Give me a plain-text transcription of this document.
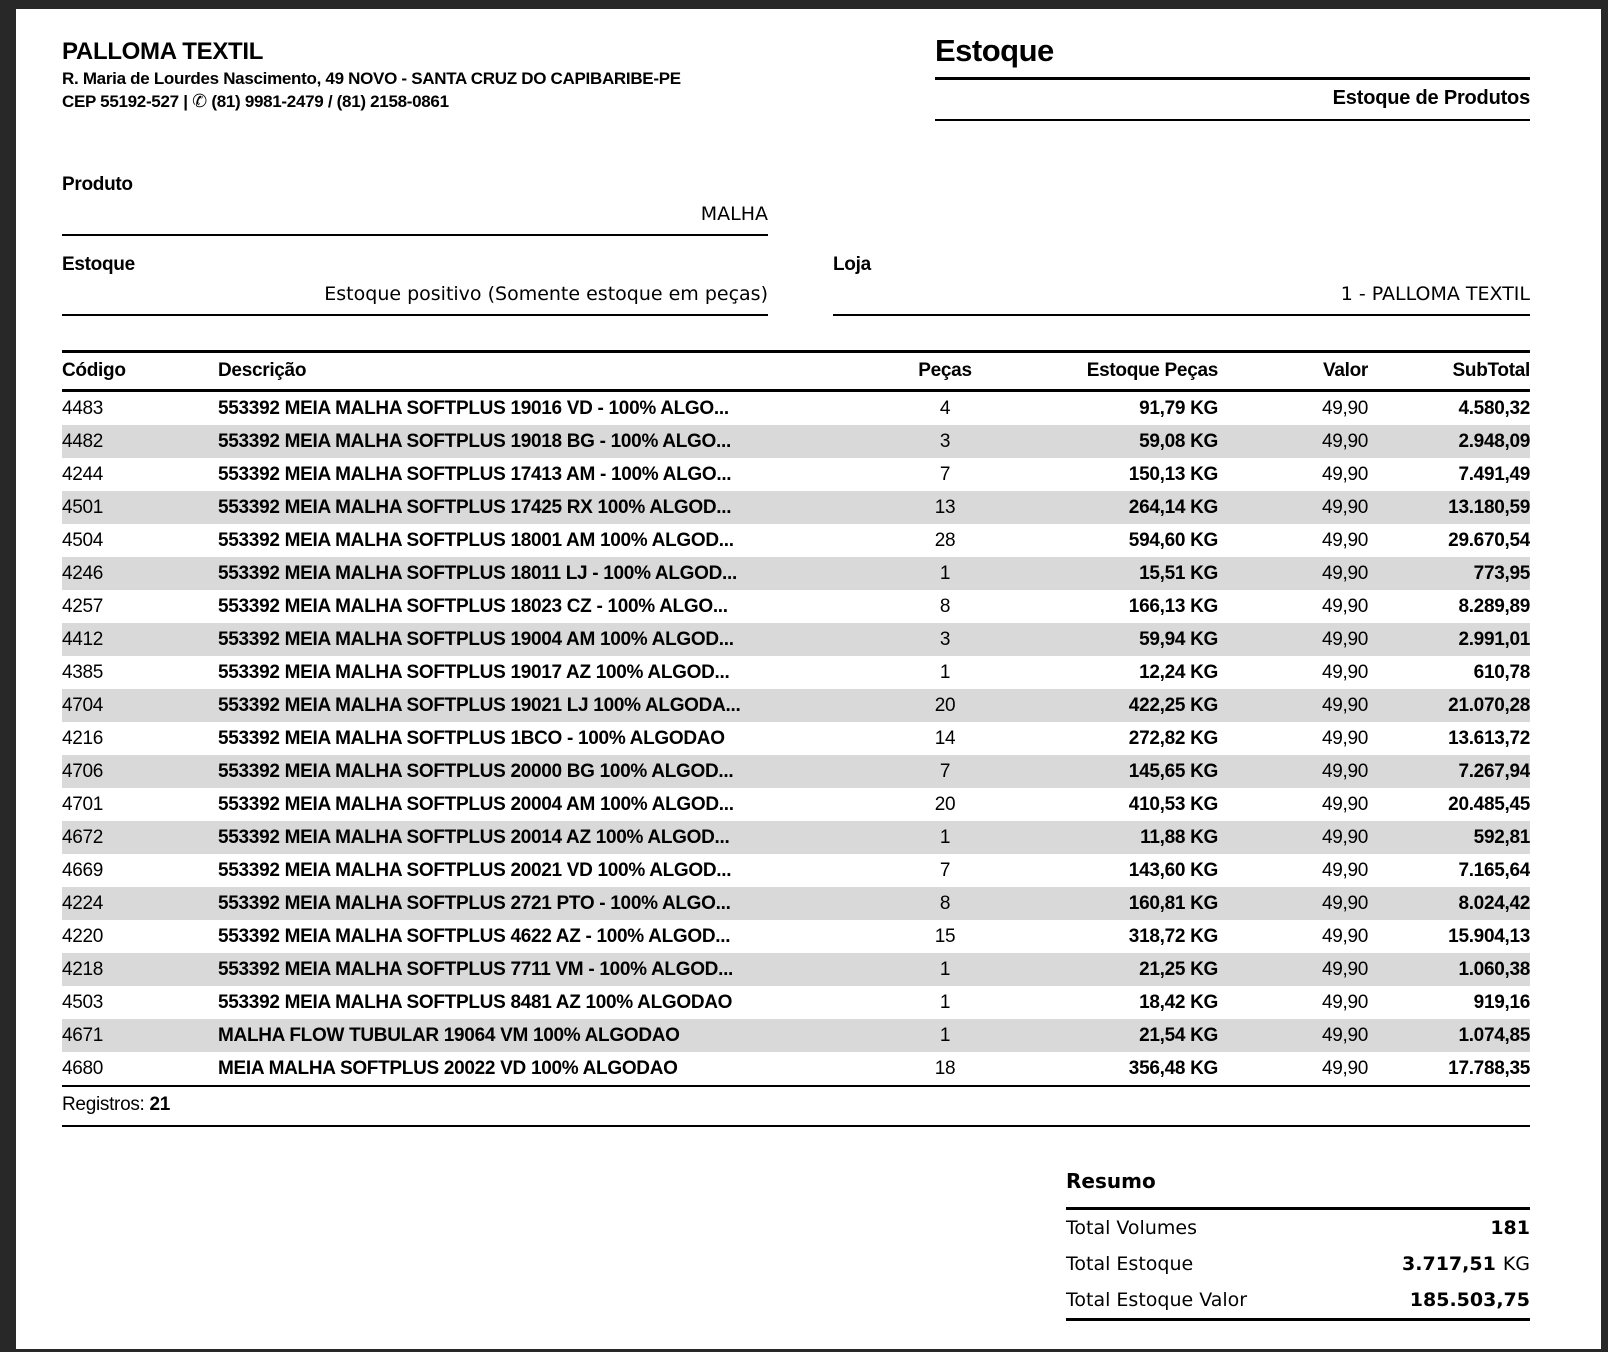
PALLOMA TEXTIL
R. Maria de Lourdes Nascimento, 49 NOVO - SANTA CRUZ DO CAPIBARIBE-PE
CEP 55192-527 | ✆ (81) 9981-2479 / (81) 2158-0861
Estoque
Estoque de Produtos
Produto
MALHA
Estoque
Estoque positivo (Somente estoque em peças)
Loja
1 - PALLOMA TEXTIL
Código	Descrição	Peças	Estoque Peças	Valor	SubTotal
4483	553392 MEIA MALHA SOFTPLUS 19016 VD - 100% ALGO...	4	91,79 KG	49,90	4.580,32
4482	553392 MEIA MALHA SOFTPLUS 19018 BG - 100% ALGO...	3	59,08 KG	49,90	2.948,09
4244	553392 MEIA MALHA SOFTPLUS 17413 AM - 100% ALGO...	7	150,13 KG	49,90	7.491,49
4501	553392 MEIA MALHA SOFTPLUS 17425 RX 100% ALGOD...	13	264,14 KG	49,90	13.180,59
4504	553392 MEIA MALHA SOFTPLUS 18001 AM 100% ALGOD...	28	594,60 KG	49,90	29.670,54
4246	553392 MEIA MALHA SOFTPLUS 18011 LJ - 100% ALGOD...	1	15,51 KG	49,90	773,95
4257	553392 MEIA MALHA SOFTPLUS 18023 CZ - 100% ALGO...	8	166,13 KG	49,90	8.289,89
4412	553392 MEIA MALHA SOFTPLUS 19004 AM 100% ALGOD...	3	59,94 KG	49,90	2.991,01
4385	553392 MEIA MALHA SOFTPLUS 19017 AZ 100% ALGOD...	1	12,24 KG	49,90	610,78
4704	553392 MEIA MALHA SOFTPLUS 19021 LJ 100% ALGODA...	20	422,25 KG	49,90	21.070,28
4216	553392 MEIA MALHA SOFTPLUS 1BCO - 100% ALGODAO	14	272,82 KG	49,90	13.613,72
4706	553392 MEIA MALHA SOFTPLUS 20000 BG 100% ALGOD...	7	145,65 KG	49,90	7.267,94
4701	553392 MEIA MALHA SOFTPLUS 20004 AM 100% ALGOD...	20	410,53 KG	49,90	20.485,45
4672	553392 MEIA MALHA SOFTPLUS 20014 AZ 100% ALGOD...	1	11,88 KG	49,90	592,81
4669	553392 MEIA MALHA SOFTPLUS 20021 VD 100% ALGOD...	7	143,60 KG	49,90	7.165,64
4224	553392 MEIA MALHA SOFTPLUS 2721 PTO - 100% ALGO...	8	160,81 KG	49,90	8.024,42
4220	553392 MEIA MALHA SOFTPLUS 4622 AZ - 100% ALGOD...	15	318,72 KG	49,90	15.904,13
4218	553392 MEIA MALHA SOFTPLUS 7711 VM - 100% ALGOD...	1	21,25 KG	49,90	1.060,38
4503	553392 MEIA MALHA SOFTPLUS 8481 AZ 100% ALGODAO	1	18,42 KG	49,90	919,16
4671	MALHA FLOW TUBULAR 19064 VM 100% ALGODAO	1	21,54 KG	49,90	1.074,85
4680	MEIA MALHA SOFTPLUS 20022 VD 100% ALGODAO	18	356,48 KG	49,90	17.788,35
Registros: 21
Resumo
Total Volumes	181
Total Estoque	3.717,51 KG
Total Estoque Valor	185.503,75
